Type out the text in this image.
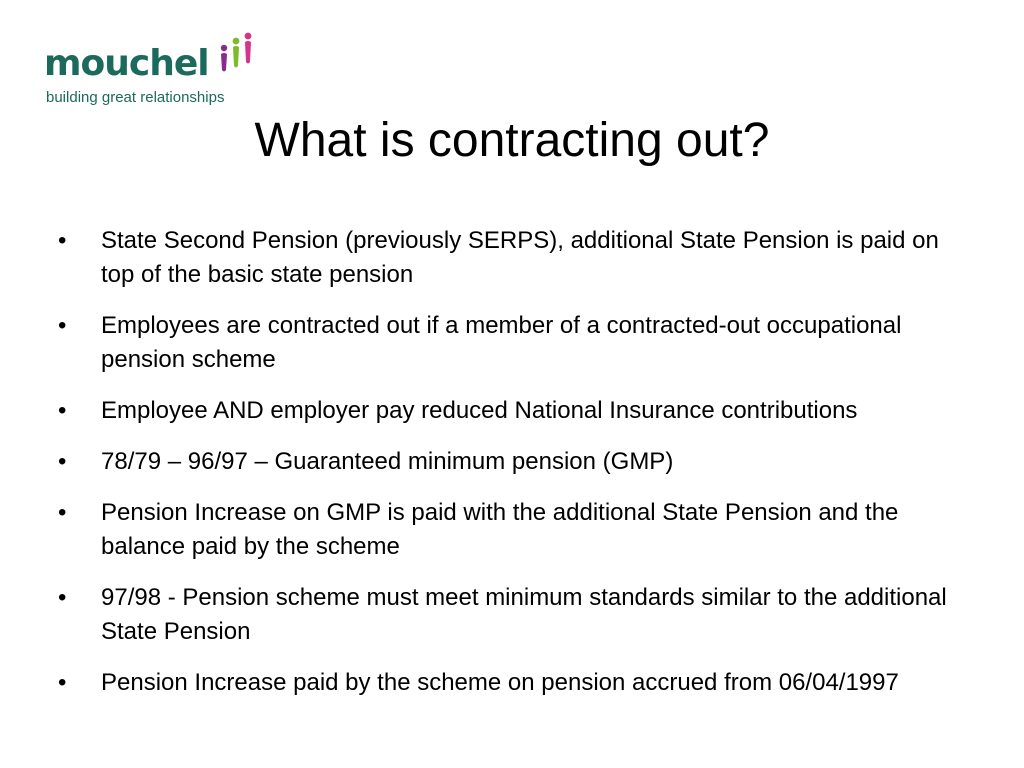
mouchel
building great relationships
What is contracting out?
•	State Second Pension (previously SERPS), additional State Pension is paid on top of the basic state pension
•	Employees are contracted out if a member of a contracted-out occupational pension scheme
•	Employee AND employer pay reduced National Insurance contributions
•	78/79 – 96/97 – Guaranteed minimum pension (GMP)
•	Pension Increase on GMP is paid with the additional State Pension and the balance paid by the scheme
•	97/98 - Pension scheme must meet minimum standards similar to the additional State Pension
•	Pension Increase paid by the scheme on pension accrued from 06/04/1997
